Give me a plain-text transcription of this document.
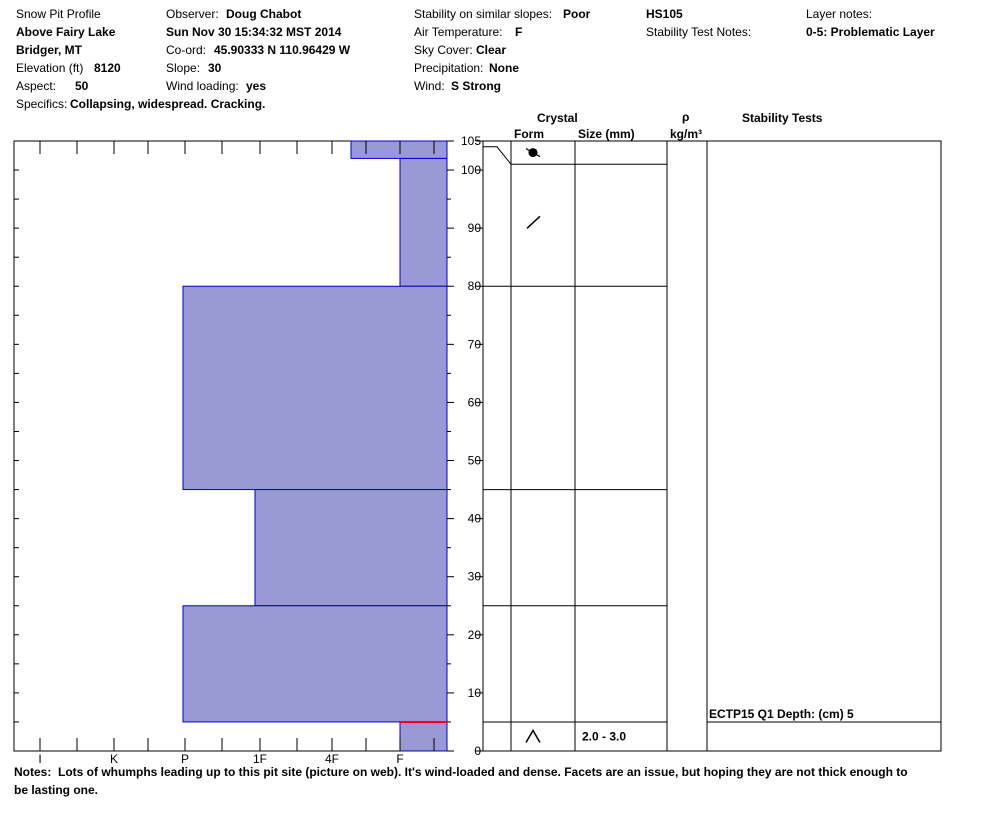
Snow Pit Profile
Above Fairy Lake
Bridger, MT
Elevation (ft) 8120
Aspect: 50
Specifics: Collapsing, widespread. Cracking.
Observer: Doug Chabot
Sun Nov 30 15:34:32 MST 2014
Co-ord: 45.90333 N 110.96429 W
Slope: 30
Wind loading: yes
Stability on similar slopes: Poor
Air Temperature: F
Sky Cover: Clear
Precipitation: None
Wind: S Strong
HS105
Stability Test Notes:
Layer notes:
0-5: Problematic Layer
Crystal
Form	Size (mm)
ρ
kg/m³
Stability Tests
I	K	P	1F	4F	F
0
10
20
30
40
50
60
70
80
90
100
105
2.0 - 3.0
ECTP15 Q1 Depth: (cm) 5
Notes: Lots of whumphs leading up to this pit site (picture on web). It's wind-loaded and dense. Facets are an issue, but hoping they are not thick enough to be lasting one.
